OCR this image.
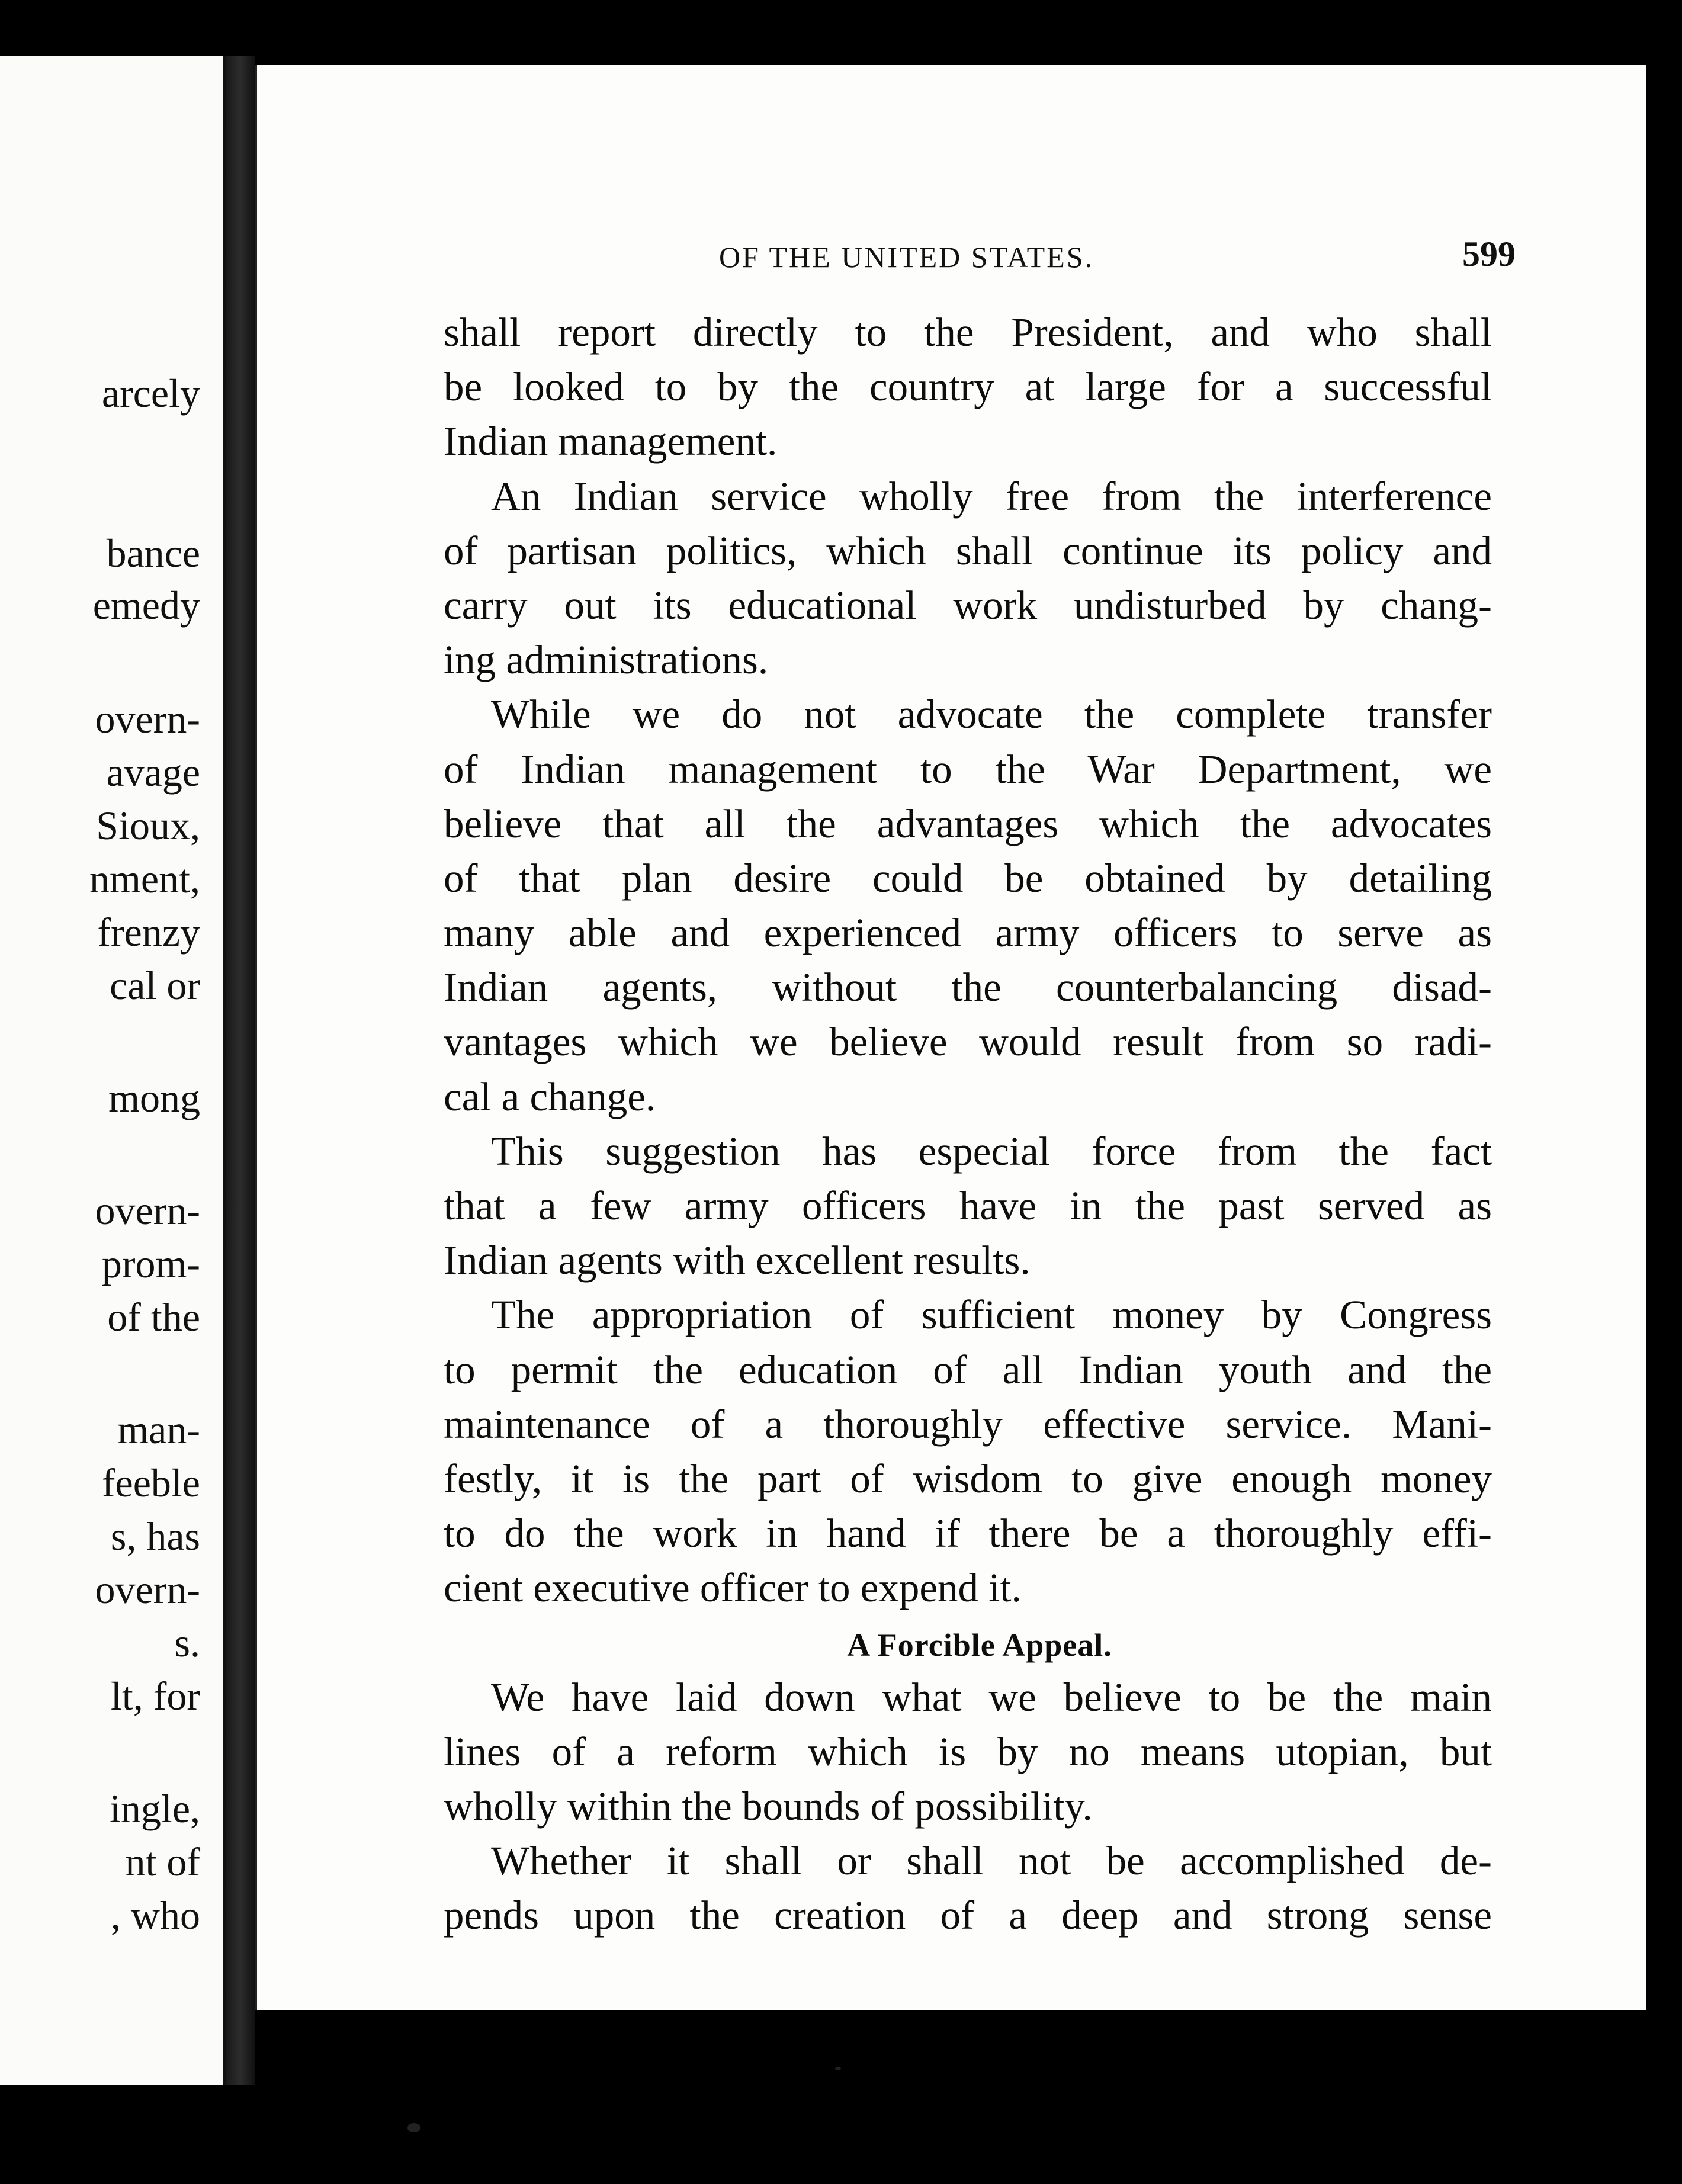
arcely
bance
emedy
overn-
avage
Sioux,
nment,
frenzy
cal or
mong
overn-
prom-
of the
man-
feeble
s, has
overn-
s.
lt, for
ingle,
nt of
, who
OF THE UNITED STATES.	599
shall report directly to the President, and who shall
be looked to by the country at large for a successful
Indian management.
An Indian service wholly free from the interference
of partisan politics, which shall continue its policy and
carry out its educational work undisturbed by chang-
ing administrations.
While we do not advocate the complete transfer
of Indian management to the War Department, we
believe that all the advantages which the advocates
of that plan desire could be obtained by detailing
many able and experienced army officers to serve as
Indian agents, without the counterbalancing disad-
vantages which we believe would result from so radi-
cal a change.
This suggestion has especial force from the fact
that a few army officers have in the past served as
Indian agents with excellent results.
The appropriation of sufficient money by Congress
to permit the education of all Indian youth and the
maintenance of a thoroughly effective service. Mani-
festly, it is the part of wisdom to give enough money
to do the work in hand if there be a thoroughly effi-
cient executive officer to expend it.
A Forcible Appeal.
We have laid down what we believe to be the main
lines of a reform which is by no means utopian, but
wholly within the bounds of possibility.
Whether it shall or shall not be accomplished de-
pends upon the creation of a deep and strong sense
